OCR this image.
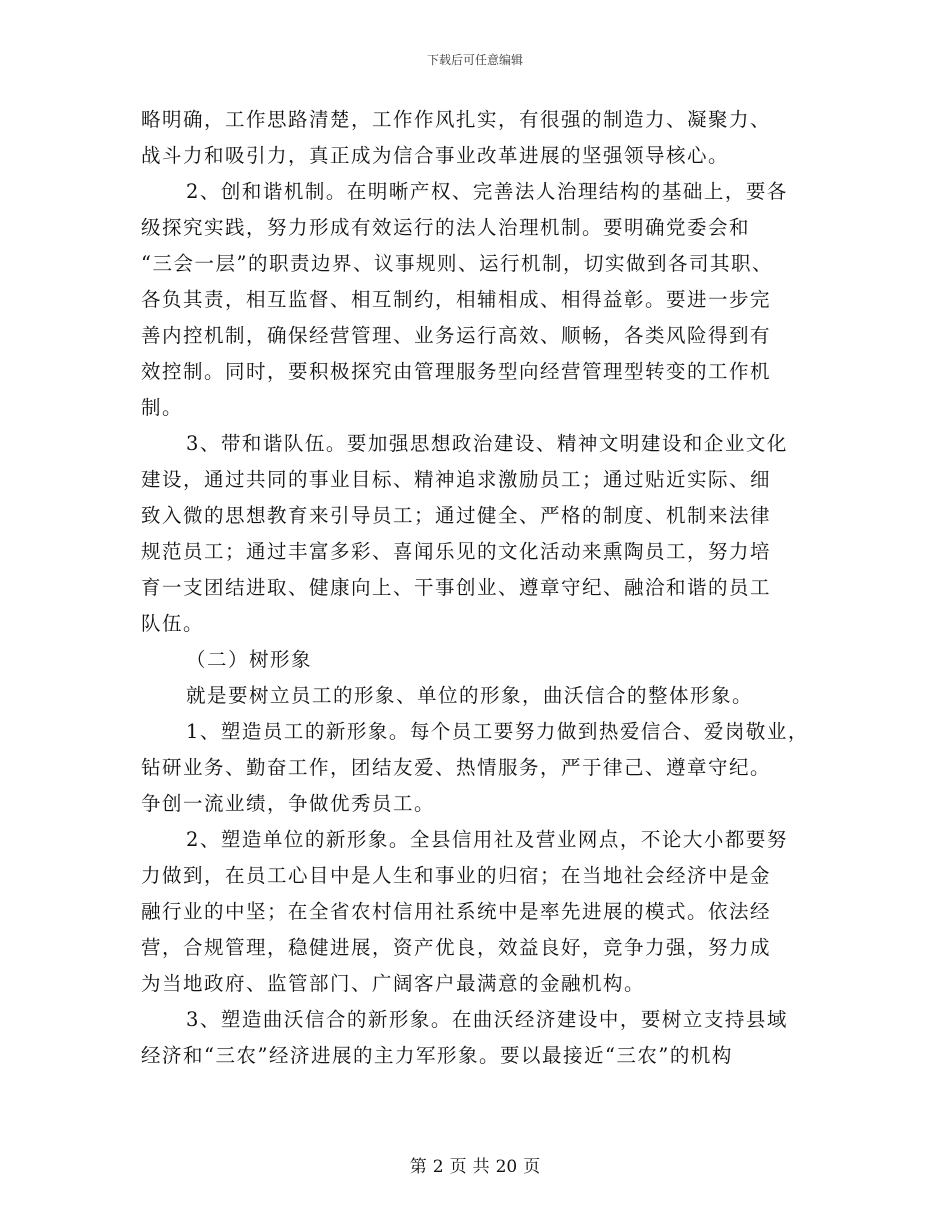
下载后可任意编辑
略明确，工作思路清楚，工作作风扎实，有很强的制造力、凝聚力、
战斗力和吸引力，真正成为信合事业改革进展的坚强领导核心。
2、创和谐机制。在明晰产权、完善法人治理结构的基础上，要各
级探究实践，努力形成有效运行的法人治理机制。要明确党委会和
“三会一层”的职责边界、议事规则、运行机制，切实做到各司其职、
各负其责，相互监督、相互制约，相辅相成、相得益彰。要进一步完
善内控机制，确保经营管理、业务运行高效、顺畅，各类风险得到有
效控制。同时，要积极探究由管理服务型向经营管理型转变的工作机
制。
3、带和谐队伍。要加强思想政治建设、精神文明建设和企业文化
建设，通过共同的事业目标、精神追求激励员工；通过贴近实际、细
致入微的思想教育来引导员工；通过健全、严格的制度、机制来法律
规范员工；通过丰富多彩、喜闻乐见的文化活动来熏陶员工，努力培
育一支团结进取、健康向上、干事创业、遵章守纪、融洽和谐的员工
队伍。
（二）树形象
就是要树立员工的形象、单位的形象，曲沃信合的整体形象。
1、塑造员工的新形象。每个员工要努力做到热爱信合、爱岗敬业，
钻研业务、勤奋工作，团结友爱、热情服务，严于律己、遵章守纪。
争创一流业绩，争做优秀员工。
2、塑造单位的新形象。全县信用社及营业网点，不论大小都要努
力做到，在员工心目中是人生和事业的归宿；在当地社会经济中是金
融行业的中坚；在全省农村信用社系统中是率先进展的模式。依法经
营，合规管理，稳健进展，资产优良，效益良好，竞争力强，努力成
为当地政府、监管部门、广阔客户最满意的金融机构。
3、塑造曲沃信合的新形象。在曲沃经济建设中，要树立支持县域
经济和“三农”经济进展的主力军形象。要以最接近“三农”的机构
第 2 页 共 20 页
